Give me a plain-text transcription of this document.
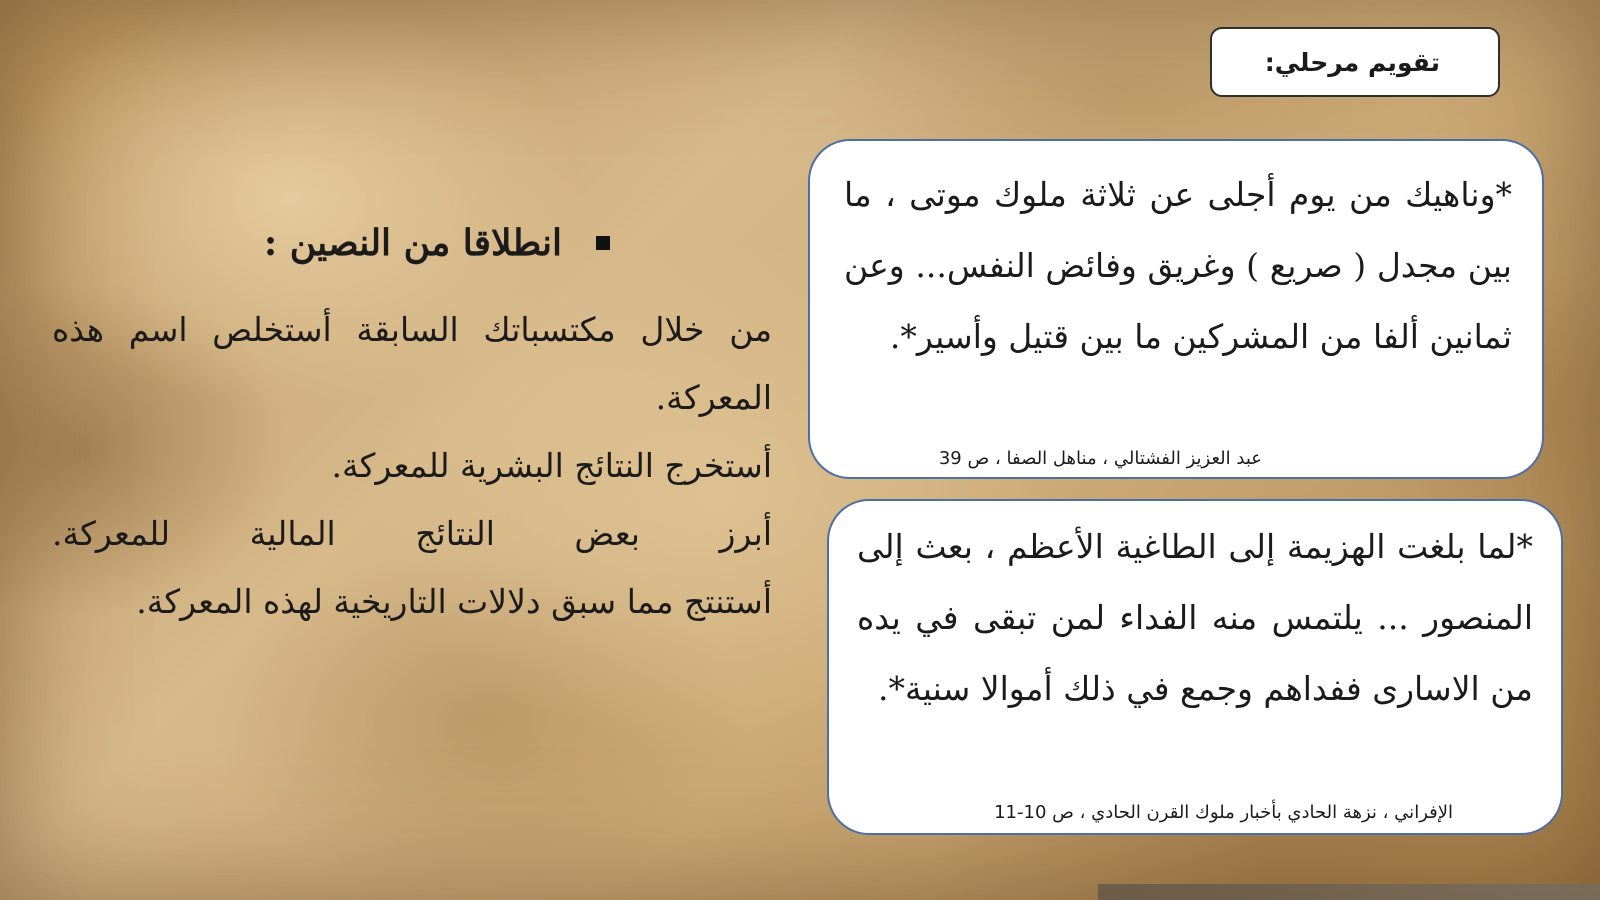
تقويم مرحلي:
*وناهيك من يوم أجلى عن ثلاثة ملوك موتى ، ما بين مجدل ( صريع ) وغريق وفائض النفس... وعن ثمانين ألفا من المشركين ما بين قتيل وأسير*.
عبد العزيز الفشتالي ، مناهل الصفا ، ص 39
*لما بلغت الهزيمة إلى الطاغية الأعظم ، بعث إلى المنصور ... يلتمس منه الفداء لمن تبقى في يده من الاسارى ففداهم وجمع في ذلك أموالا سنية*.
الإفراني ، نزهة الحادي بأخبار ملوك القرن الحادي ، ص 10-11
انطلاقا من النصين :
من خلال مكتسباتك السابقة أستخلص اسم هذه المعركة.
أستخرج النتائج البشرية للمعركة.
أبرز بعض النتائج المالية للمعركة.
أستنتج مما سبق دلالات التاريخية لهذه المعركة.
